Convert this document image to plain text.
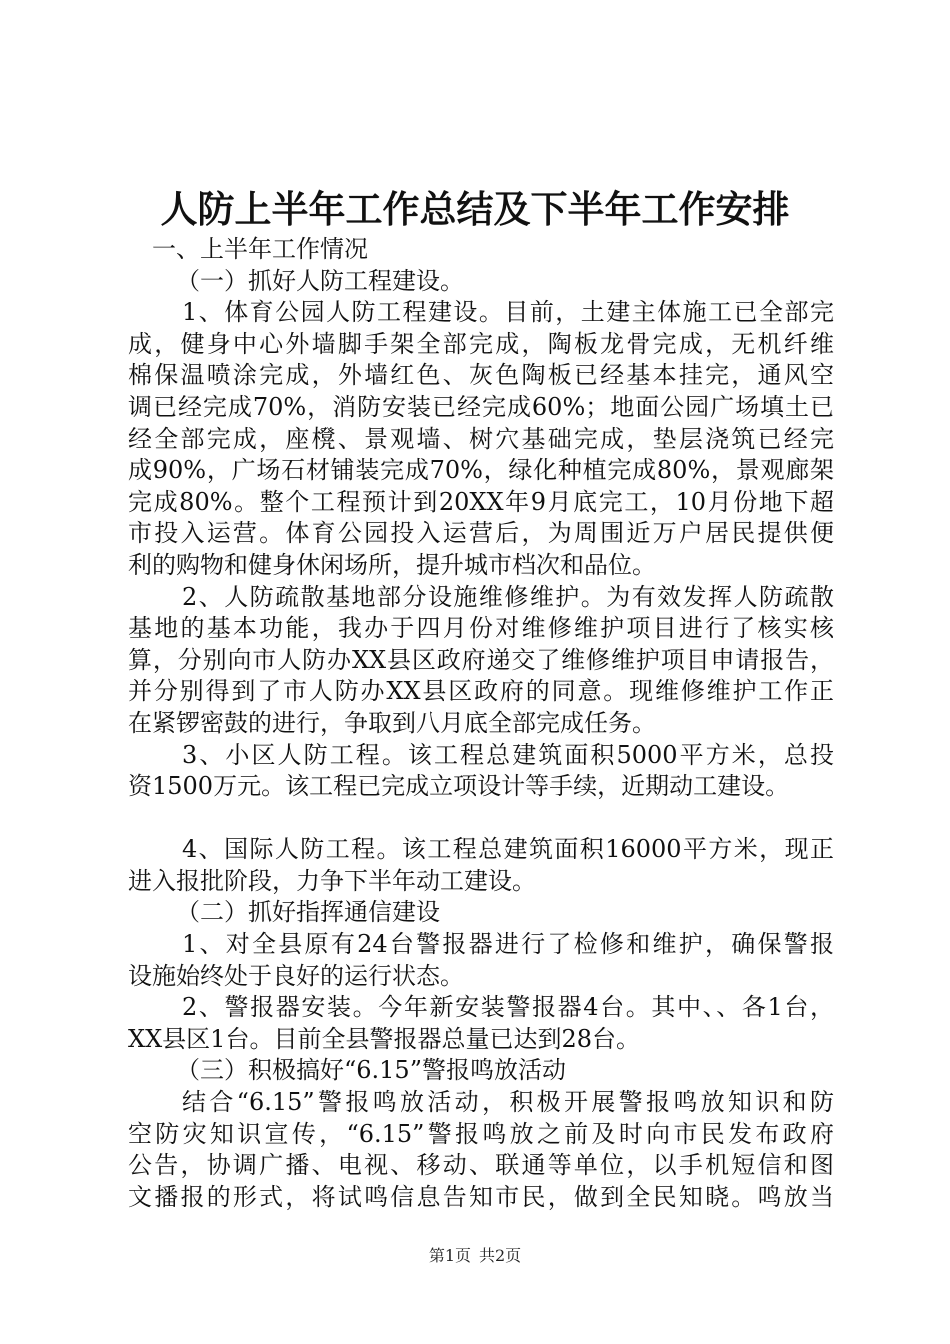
人防上半年工作总结及下半年工作安排
一、上半年工作情况
（一）抓好人防工程建设。
1、体育公园人防工程建设。目前，土建主体施工已全部完
成，健身中心外墙脚手架全部完成，陶板龙骨完成，无机纤维
棉保温喷涂完成，外墙红色、灰色陶板已经基本挂完，通风空
调已经完成70%，消防安装已经完成60%；地面公园广场填土已
经全部完成，座櫈、景观墙、树穴基础完成，垫层浇筑已经完
成90%，广场石材铺装完成70%，绿化种植完成80%，景观廊架
完成80%。整个工程预计到20XX年9月底完工，10月份地下超
市投入运营。体育公园投入运营后，为周围近万户居民提供便
利的购物和健身休闲场所，提升城市档次和品位。
2、人防疏散基地部分设施维修维护。为有效发挥人防疏散
基地的基本功能，我办于四月份对维修维护项目进行了核实核
算，分别向市人防办XX县区政府递交了维修维护项目申请报告，
并分别得到了市人防办XX县区政府的同意。现维修维护工作正
在紧锣密鼓的进行，争取到八月底全部完成任务。
3、小区人防工程。该工程总建筑面积5000平方米，总投
资1500万元。该工程已完成立项设计等手续，近期动工建设。
4、国际人防工程。该工程总建筑面积16000平方米，现正
进入报批阶段，力争下半年动工建设。
（二）抓好指挥通信建设
1、对全县原有24台警报器进行了检修和维护，确保警报
设施始终处于良好的运行状态。
2、警报器安装。今年新安装警报器4台。其中、、各1台，
XX县区1台。目前全县警报器总量已达到28台。
（三）积极搞好“6.15”警报鸣放活动
结合“6.15”警报鸣放活动，积极开展警报鸣放知识和防
空防灾知识宣传，“6.15”警报鸣放之前及时向市民发布政府
公告，协调广播、电视、移动、联通等单位，以手机短信和图
文播报的形式，将试鸣信息告知市民，做到全民知晓。鸣放当
第1页 共2页
